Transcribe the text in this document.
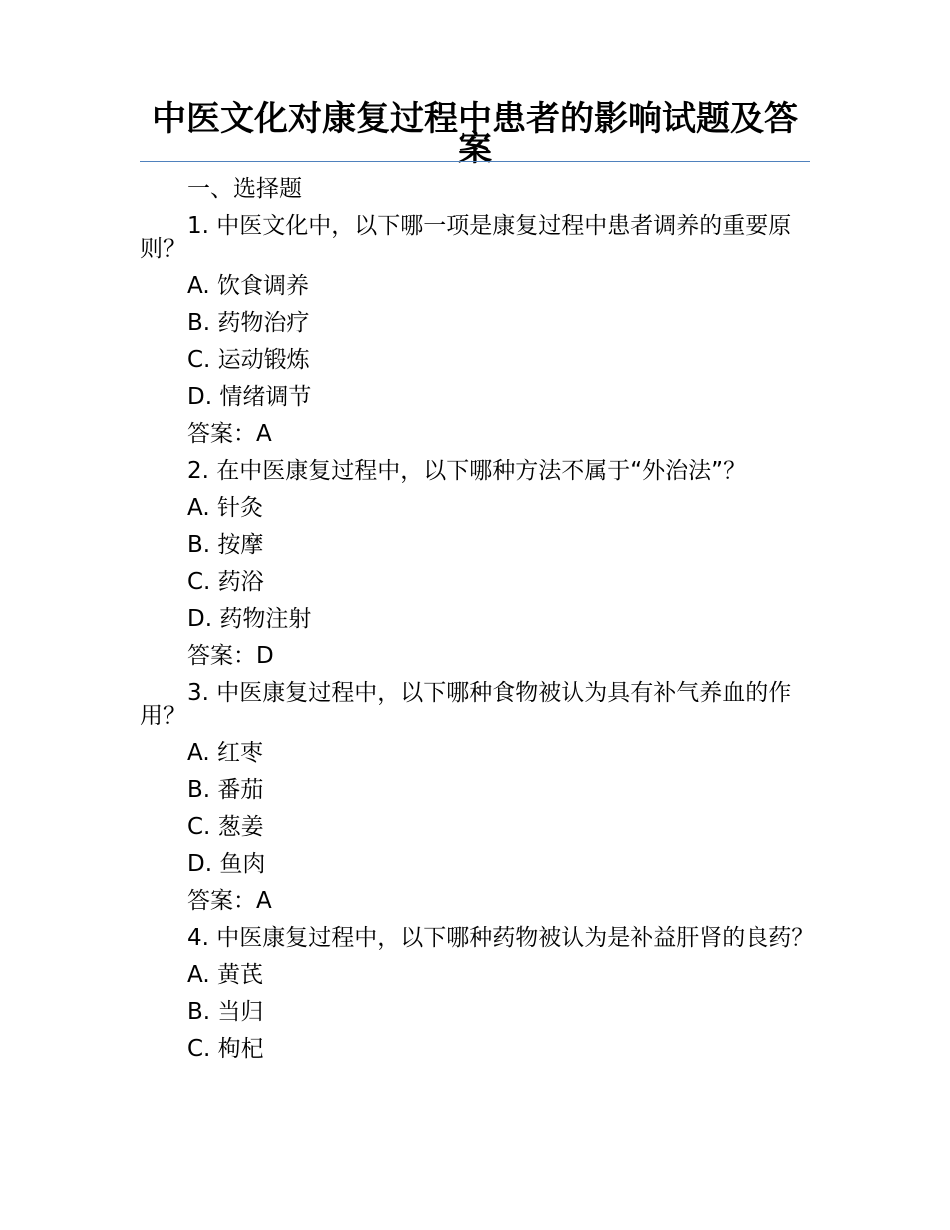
中医文化对康复过程中患者的影响试题及答案

一、选择题

1. 中医文化中，以下哪一项是康复过程中患者调养的重要原则？

A. 饮食调养

B. 药物治疗

C. 运动锻炼

D. 情绪调节

答案：A

2. 在中医康复过程中，以下哪种方法不属于“外治法”？

A. 针灸

B. 按摩

C. 药浴

D. 药物注射

答案：D

3. 中医康复过程中，以下哪种食物被认为具有补气养血的作用？

A. 红枣

B. 番茄

C. 葱姜

D. 鱼肉

答案：A

4. 中医康复过程中，以下哪种药物被认为是补益肝肾的良药？

A. 黄芪

B. 当归

C. 枸杞
